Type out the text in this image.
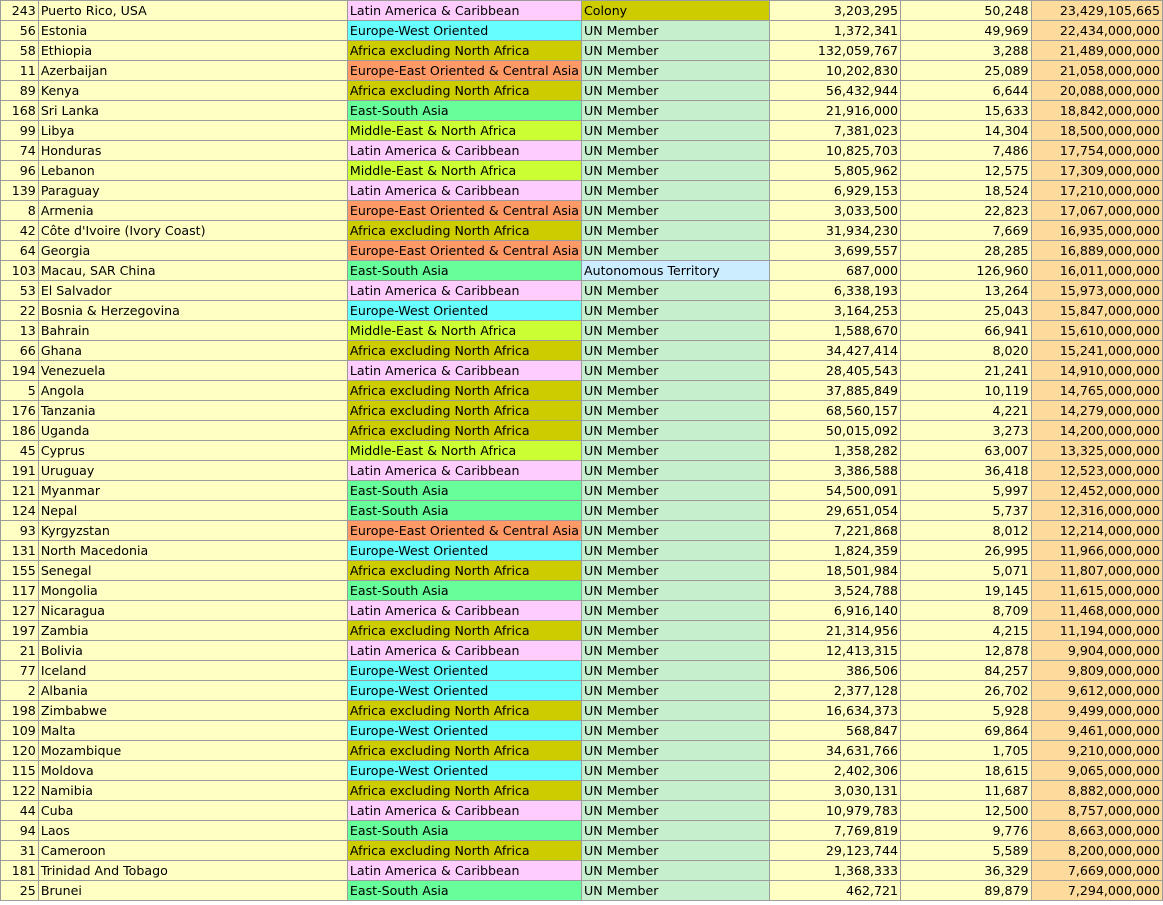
243	Puerto Rico, USA	Latin America & Caribbean	Colony	3,203,295	50,248	23,429,105,665
56	Estonia	Europe-West Oriented	UN Member	1,372,341	49,969	22,434,000,000
58	Ethiopia	Africa excluding North Africa	UN Member	132,059,767	3,288	21,489,000,000
11	Azerbaijan	Europe-East Oriented & Central Asia	UN Member	10,202,830	25,089	21,058,000,000
89	Kenya	Africa excluding North Africa	UN Member	56,432,944	6,644	20,088,000,000
168	Sri Lanka	East-South Asia	UN Member	21,916,000	15,633	18,842,000,000
99	Libya	Middle-East & North Africa	UN Member	7,381,023	14,304	18,500,000,000
74	Honduras	Latin America & Caribbean	UN Member	10,825,703	7,486	17,754,000,000
96	Lebanon	Middle-East & North Africa	UN Member	5,805,962	12,575	17,309,000,000
139	Paraguay	Latin America & Caribbean	UN Member	6,929,153	18,524	17,210,000,000
8	Armenia	Europe-East Oriented & Central Asia	UN Member	3,033,500	22,823	17,067,000,000
42	Côte d'Ivoire (Ivory Coast)	Africa excluding North Africa	UN Member	31,934,230	7,669	16,935,000,000
64	Georgia	Europe-East Oriented & Central Asia	UN Member	3,699,557	28,285	16,889,000,000
103	Macau, SAR China	East-South Asia	Autonomous Territory	687,000	126,960	16,011,000,000
53	El Salvador	Latin America & Caribbean	UN Member	6,338,193	13,264	15,973,000,000
22	Bosnia & Herzegovina	Europe-West Oriented	UN Member	3,164,253	25,043	15,847,000,000
13	Bahrain	Middle-East & North Africa	UN Member	1,588,670	66,941	15,610,000,000
66	Ghana	Africa excluding North Africa	UN Member	34,427,414	8,020	15,241,000,000
194	Venezuela	Latin America & Caribbean	UN Member	28,405,543	21,241	14,910,000,000
5	Angola	Africa excluding North Africa	UN Member	37,885,849	10,119	14,765,000,000
176	Tanzania	Africa excluding North Africa	UN Member	68,560,157	4,221	14,279,000,000
186	Uganda	Africa excluding North Africa	UN Member	50,015,092	3,273	14,200,000,000
45	Cyprus	Middle-East & North Africa	UN Member	1,358,282	63,007	13,325,000,000
191	Uruguay	Latin America & Caribbean	UN Member	3,386,588	36,418	12,523,000,000
121	Myanmar	East-South Asia	UN Member	54,500,091	5,997	12,452,000,000
124	Nepal	East-South Asia	UN Member	29,651,054	5,737	12,316,000,000
93	Kyrgyzstan	Europe-East Oriented & Central Asia	UN Member	7,221,868	8,012	12,214,000,000
131	North Macedonia	Europe-West Oriented	UN Member	1,824,359	26,995	11,966,000,000
155	Senegal	Africa excluding North Africa	UN Member	18,501,984	5,071	11,807,000,000
117	Mongolia	East-South Asia	UN Member	3,524,788	19,145	11,615,000,000
127	Nicaragua	Latin America & Caribbean	UN Member	6,916,140	8,709	11,468,000,000
197	Zambia	Africa excluding North Africa	UN Member	21,314,956	4,215	11,194,000,000
21	Bolivia	Latin America & Caribbean	UN Member	12,413,315	12,878	9,904,000,000
77	Iceland	Europe-West Oriented	UN Member	386,506	84,257	9,809,000,000
2	Albania	Europe-West Oriented	UN Member	2,377,128	26,702	9,612,000,000
198	Zimbabwe	Africa excluding North Africa	UN Member	16,634,373	5,928	9,499,000,000
109	Malta	Europe-West Oriented	UN Member	568,847	69,864	9,461,000,000
120	Mozambique	Africa excluding North Africa	UN Member	34,631,766	1,705	9,210,000,000
115	Moldova	Europe-West Oriented	UN Member	2,402,306	18,615	9,065,000,000
122	Namibia	Africa excluding North Africa	UN Member	3,030,131	11,687	8,882,000,000
44	Cuba	Latin America & Caribbean	UN Member	10,979,783	12,500	8,757,000,000
94	Laos	East-South Asia	UN Member	7,769,819	9,776	8,663,000,000
31	Cameroon	Africa excluding North Africa	UN Member	29,123,744	5,589	8,200,000,000
181	Trinidad And Tobago	Latin America & Caribbean	UN Member	1,368,333	36,329	7,669,000,000
25	Brunei	East-South Asia	UN Member	462,721	89,879	7,294,000,000
